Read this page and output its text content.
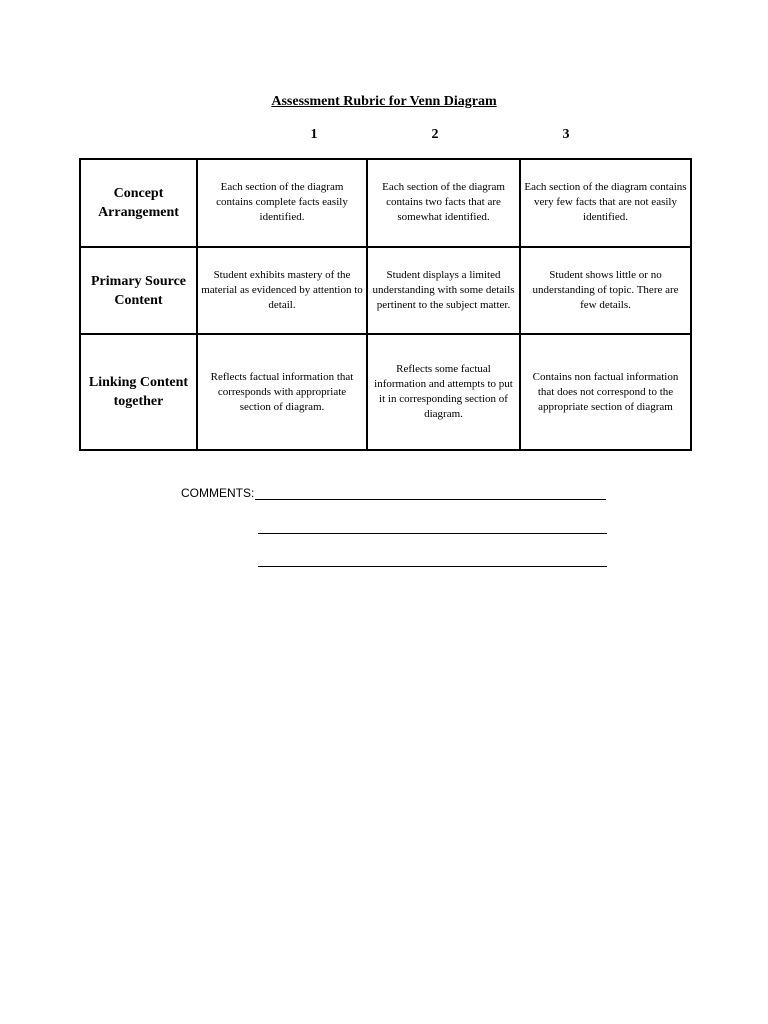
Assessment Rubric for Venn Diagram
1	2	3
Concept Arrangement	Each section of the diagram contains complete facts easily identified.	Each section of the diagram contains two facts that are somewhat identified.	Each section of the diagram contains very few facts that are not easily identified.
Primary Source Content	Student exhibits mastery of the material as evidenced by attention to detail.	Student displays a limited understanding with some details pertinent to the subject matter.	Student shows little or no understanding of topic. There are few details.
Linking Content together	Reflects factual information that corresponds with appropriate section of diagram.	Reflects some factual information and attempts to put it in corresponding section of diagram.	Contains non factual information that does not correspond to the appropriate section of diagram
COMMENTS:
